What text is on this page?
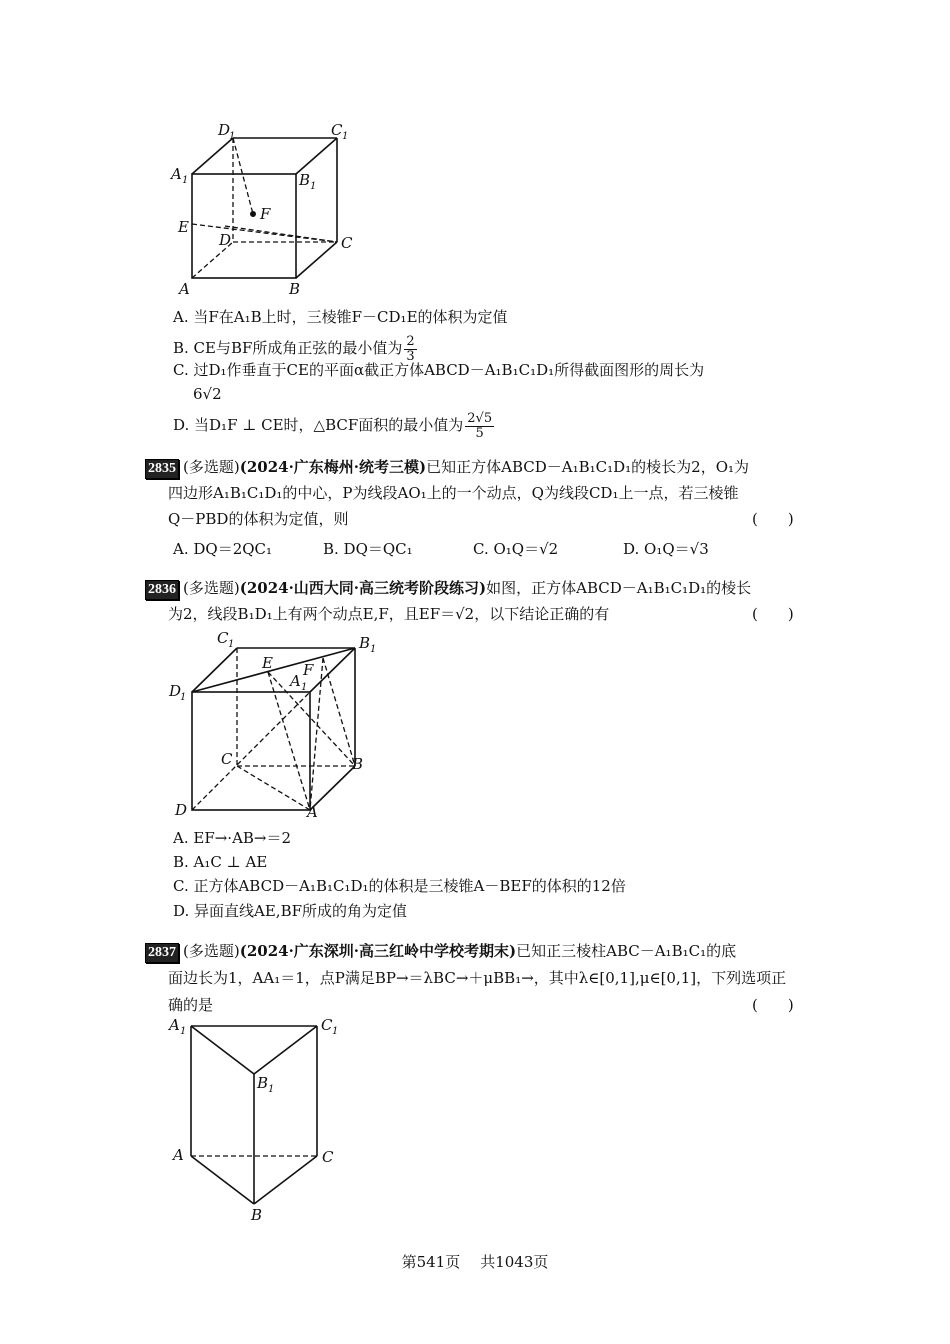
D
1	C 1
A 1	B 1
F
E
D	C
A	B
A. 当F在A₁B上时，三棱锥F－CD₁E的体积为定值
B. CE与BF所成角正弦的最小值为 $\frac{2}{3}$
C. 过D₁作垂直于CE的平面α截正方体ABCD－A₁B₁C₁D₁所得截面图形的周长为
6√2
D. 当D₁F ⊥ CE时，△BCF面积的最小值为 $\frac{2√5}{5}$
2835 (多选题)(2024·广东梅州·统考三模)已知正方体ABCD－A₁B₁C₁D₁的棱长为2，O₁为
四边形A₁B₁C₁D₁的中心，P为线段AO₁上的一个动点，Q为线段CD₁上一点，若三棱锥
Q－PBD的体积为定值，则	(　　)
A. DQ＝2QC₁	B. DQ＝QC₁	C. O₁Q＝√2	D. O₁Q＝√3
2836 (多选题)(2024·山西大同·高三统考阶段练习)如图，正方体ABCD－A₁B₁C₁D₁的棱长
为2，线段B₁D₁上有两个动点E,F，且EF＝√2，以下结论正确的有	(　　)
C 1	B 1
E F
A 1
D
1
C	B
D	A
A. EF→·AB→＝2
B. A₁C ⊥ AE
C. 正方体ABCD－A₁B₁C₁D₁的体积是三棱锥A－BEF的体积的12倍
D. 异面直线AE,BF所成的角为定值
2837 (多选题)(2024·广东深圳·高三红岭中学校考期末)已知正三棱柱ABC－A₁B₁C₁的底
面边长为1，AA₁＝1，点P满足BP→＝λBC→＋μBB₁→，其中λ∈[0,1],μ∈[0,1]，下列选项正
确的是	(　　)
A 1	C 1
B 1
A	C
B
第541页 共1043页
